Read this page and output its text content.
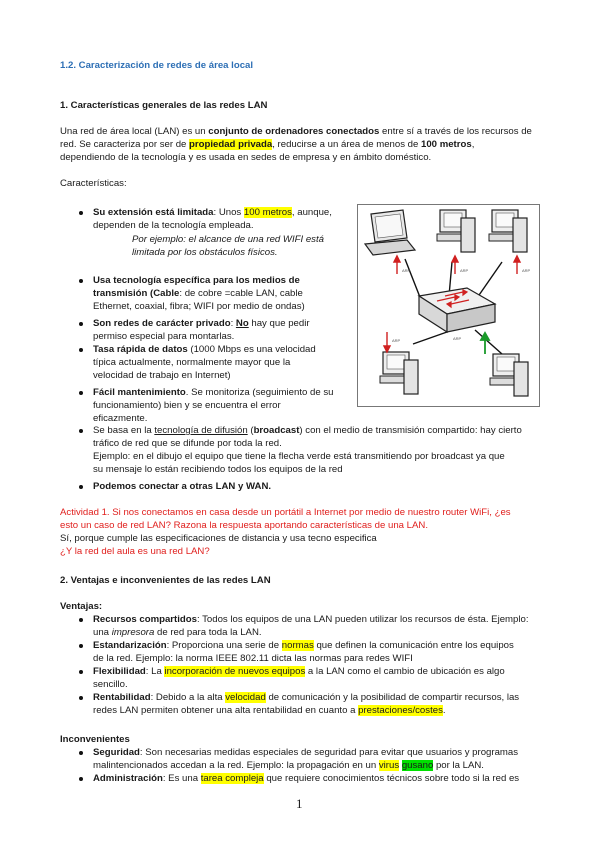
1.2. Caracterización de redes de área local
1. Características generales de las redes LAN
Una red de área local (LAN) es un conjunto de ordenadores conectados entre sí a través de los recursos de
red. Se caracteriza por ser de propiedad privada, reducirse a un área de menos de 100 metros,
dependiendo de la tecnología y es usada en sedes de empresa y en ámbito doméstico.
Características:
Su extensión está limitada: Unos 100 metros, aunque,
dependen de la tecnología empleada.
Por ejemplo: el alcance de una red WIFI está
limitada por los obstáculos físicos.
Usa tecnología específica para los medios de
transmisión (Cable: de cobre =cable LAN, cable
Ethernet, coaxial, fibra; WIFI por medio de ondas)
Son redes de carácter privado: No hay que pedir
permiso especial para montarlas.
Tasa rápida de datos (1000 Mbps es una velocidad
típica actualmente, normalmente mayor que la
velocidad de trabajo en Internet)
Fácil mantenimiento. Se monitoriza (seguimiento de su
funcionamiento) bien y se encuentra el error
eficazmente.
Se basa en la tecnología de difusión (broadcast) con el medio de transmisión compartido: hay cierto
tráfico de red que se difunde por toda la red.
Ejemplo: en el dibujo el equipo que tiene la flecha verde está transmitiendo por broadcast ya que
su mensaje lo están recibiendo todos los equipos de la red
Podemos conectar a otras LAN y WAN.
ARP	ARP	ARP
ARP	ARP
Actividad 1. Si nos conectamos en casa desde un portátil a Internet por medio de nuestro router WiFi, ¿es
esto un caso de red LAN? Razona la respuesta aportando características de una LAN.
Sí, porque cumple las especificaciones de distancia y usa tecno especifica
¿Y la red del aula es una red LAN?
2. Ventajas e inconvenientes de las redes LAN
Ventajas:
Recursos compartidos: Todos los equipos de una LAN pueden utilizar los recursos de ésta. Ejemplo:
una impresora de red para toda la LAN.
Estandarización: Proporciona una serie de normas que definen la comunicación entre los equipos
de la red. Ejemplo: la norma IEEE 802.11 dicta las normas para redes WIFI
Flexibilidad: La incorporación de nuevos equipos a la LAN como el cambio de ubicación es algo
sencillo.
Rentabilidad: Debido a la alta velocidad de comunicación y la posibilidad de compartir recursos, las
redes LAN permiten obtener una alta rentabilidad en cuanto a prestaciones/costes.
Inconvenientes
Seguridad: Son necesarias medidas especiales de seguridad para evitar que usuarios y programas
malintencionados accedan a la red. Ejemplo: la propagación en un virus gusano por la LAN.
Administración: Es una tarea compleja que requiere conocimientos técnicos sobre todo si la red es
1
